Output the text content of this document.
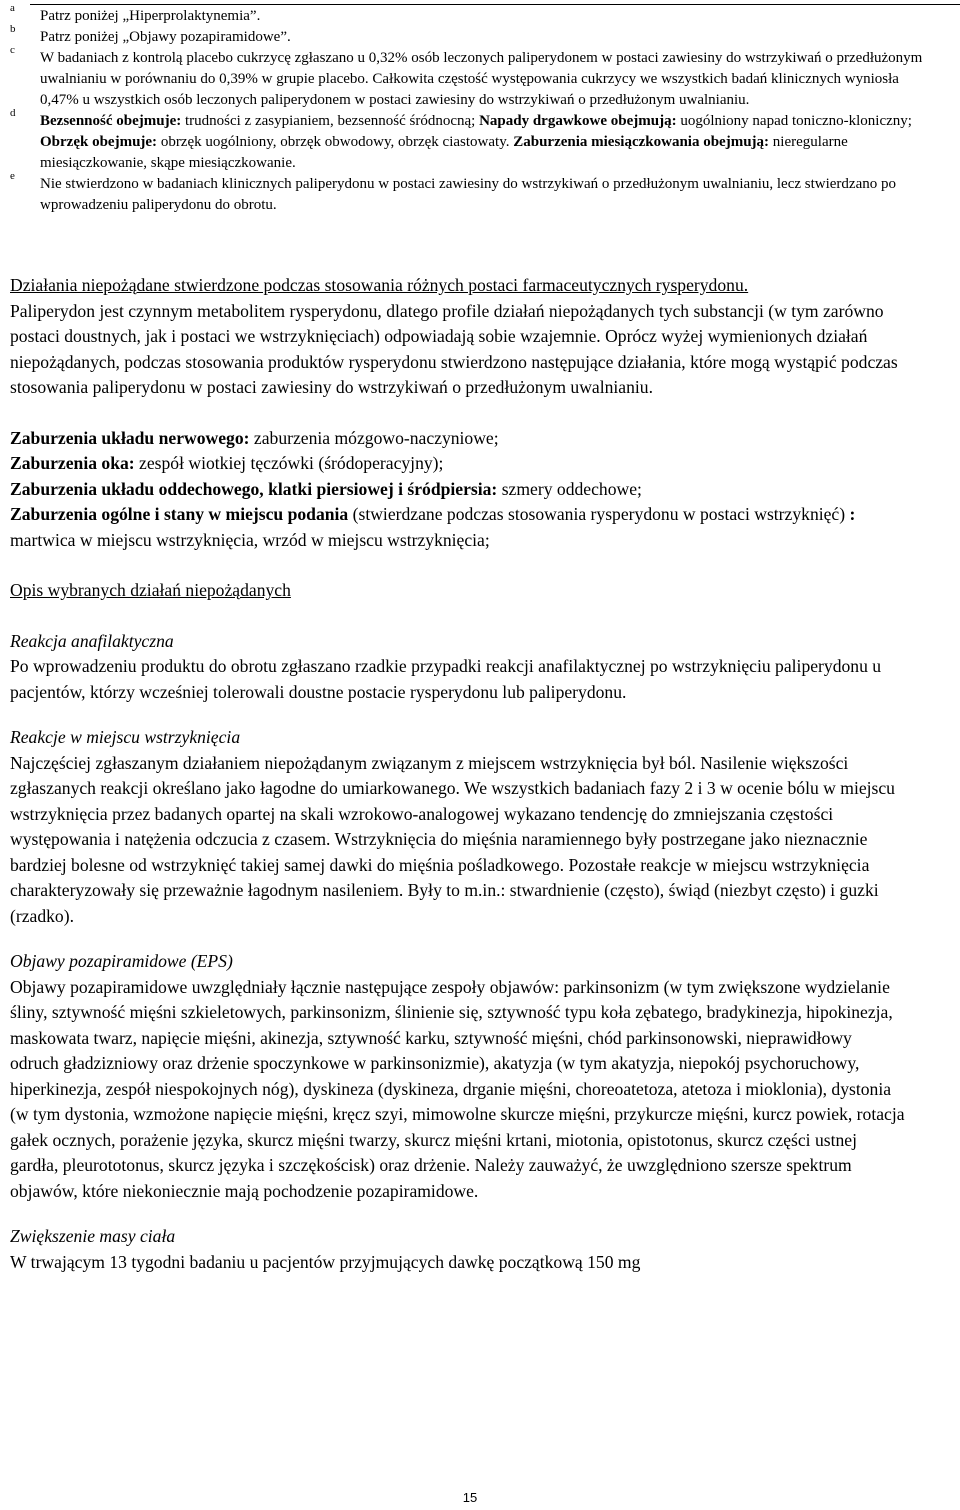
a Patrz poniżej „Hiperprolaktynemia”.
b Patrz poniżej „Objawy pozapiramidowe”.
c W badaniach z kontrolą placebo cukrzycę zgłaszano u 0,32% osób leczonych paliperydonem w postaci zawiesiny do wstrzykiwań o przedłużonym uwalnianiu w porównaniu do 0,39% w grupie placebo. Całkowita częstość występowania cukrzycy we wszystkich badań klinicznych wyniosła 0,47% u wszystkich osób leczonych paliperydonem w postaci zawiesiny do wstrzykiwań o przedłużonym uwalnianiu.
d Bezsenność obejmuje: trudności z zasypianiem, bezsenność śródnocną; Napady drgawkowe obejmują: uogólniony napad toniczno-kloniczny; Obrzęk obejmuje: obrzęk uogólniony, obrzęk obwodowy, obrzęk ciastowaty. Zaburzenia miesiączkowania obejmują: nieregularne miesiączkowanie, skąpe miesiączkowanie.
e Nie stwierdzono w badaniach klinicznych paliperydonu w postaci zawiesiny do wstrzykiwań o przedłużonym uwalnianiu, lecz stwierdzano po wprowadzeniu paliperydonu do obrotu.

Działania niepożądane stwierdzone podczas stosowania różnych postaci farmaceutycznych rysperydonu.

Paliperydon jest czynnym metabolitem rysperydonu, dlatego profile działań niepożądanych tych substancji (w tym zarówno postaci doustnych, jak i postaci we wstrzyknięciach) odpowiadają sobie wzajemnie. Oprócz wyżej wymienionych działań niepożądanych, podczas stosowania produktów rysperydonu stwierdzono następujące działania, które mogą wystąpić podczas stosowania paliperydonu w postaci zawiesiny do wstrzykiwań o przedłużonym uwalnianiu.

Zaburzenia układu nerwowego: zaburzenia mózgowo-naczyniowe;

Zaburzenia oka: zespół wiotkiej tęczówki (śródoperacyjny);

Zaburzenia układu oddechowego, klatki piersiowej i śródpiersia: szmery oddechowe;

Zaburzenia ogólne i stany w miejscu podania (stwierdzane podczas stosowania rysperydonu w postaci wstrzyknięć) : martwica w miejscu wstrzyknięcia, wrzód w miejscu wstrzyknięcia;

Opis wybranych działań niepożądanych

Reakcja anafilaktyczna

Po wprowadzeniu produktu do obrotu zgłaszano rzadkie przypadki reakcji anafilaktycznej po wstrzyknięciu paliperydonu u pacjentów, którzy wcześniej tolerowali doustne postacie rysperydonu lub paliperydonu.

Reakcje w miejscu wstrzyknięcia

Najczęściej zgłaszanym działaniem niepożądanym związanym z miejscem wstrzyknięcia był ból. Nasilenie większości zgłaszanych reakcji określano jako łagodne do umiarkowanego. We wszystkich badaniach fazy 2 i 3 w ocenie bólu w miejscu wstrzyknięcia przez badanych opartej na skali wzrokowo-analogowej wykazano tendencję do zmniejszania częstości występowania i natężenia odczucia z czasem. Wstrzyknięcia do mięśnia naramiennego były postrzegane jako nieznacznie bardziej bolesne od wstrzyknięć takiej samej dawki do mięśnia pośladkowego. Pozostałe reakcje w miejscu wstrzyknięcia charakteryzowały się przeważnie łagodnym nasileniem. Były to m.in.: stwardnienie (często), świąd (niezbyt często) i guzki (rzadko).

Objawy pozapiramidowe (EPS)

Objawy pozapiramidowe uwzględniały łącznie następujące zespoły objawów: parkinsonizm (w tym zwiększone wydzielanie śliny, sztywność mięśni szkieletowych, parkinsonizm, ślinienie się, sztywność typu koła zębatego, bradykinezja, hipokinezja, maskowata twarz, napięcie mięśni, akinezja, sztywność karku, sztywność mięśni, chód parkinsonowski, nieprawidłowy odruch gładzizniowy oraz drżenie spoczynkowe w parkinsonizmie), akatyzja (w tym akatyzja, niepokój psychoruchowy, hiperkinezja, zespół niespokojnych nóg), dyskineza (dyskineza, drganie mięśni, choreoatetoza, atetoza i mioklonia), dystonia (w tym dystonia, wzmożone napięcie mięśni, kręcz szyi, mimowolne skurcze mięśni, przykurcze mięśni, kurcz powiek, rotacja gałek ocznych, porażenie języka, skurcz mięśni twarzy, skurcz mięśni krtani, miotonia, opistotonus, skurcz części ustnej gardła, pleurototonus, skurcz języka i szczękościsk) oraz drżenie. Należy zauważyć, że uwzględniono szersze spektrum objawów, które niekoniecznie mają pochodzenie pozapiramidowe.

Zwiększenie masy ciała

W trwającym 13 tygodni badaniu u pacjentów przyjmujących dawkę początkową 150 mg

15
